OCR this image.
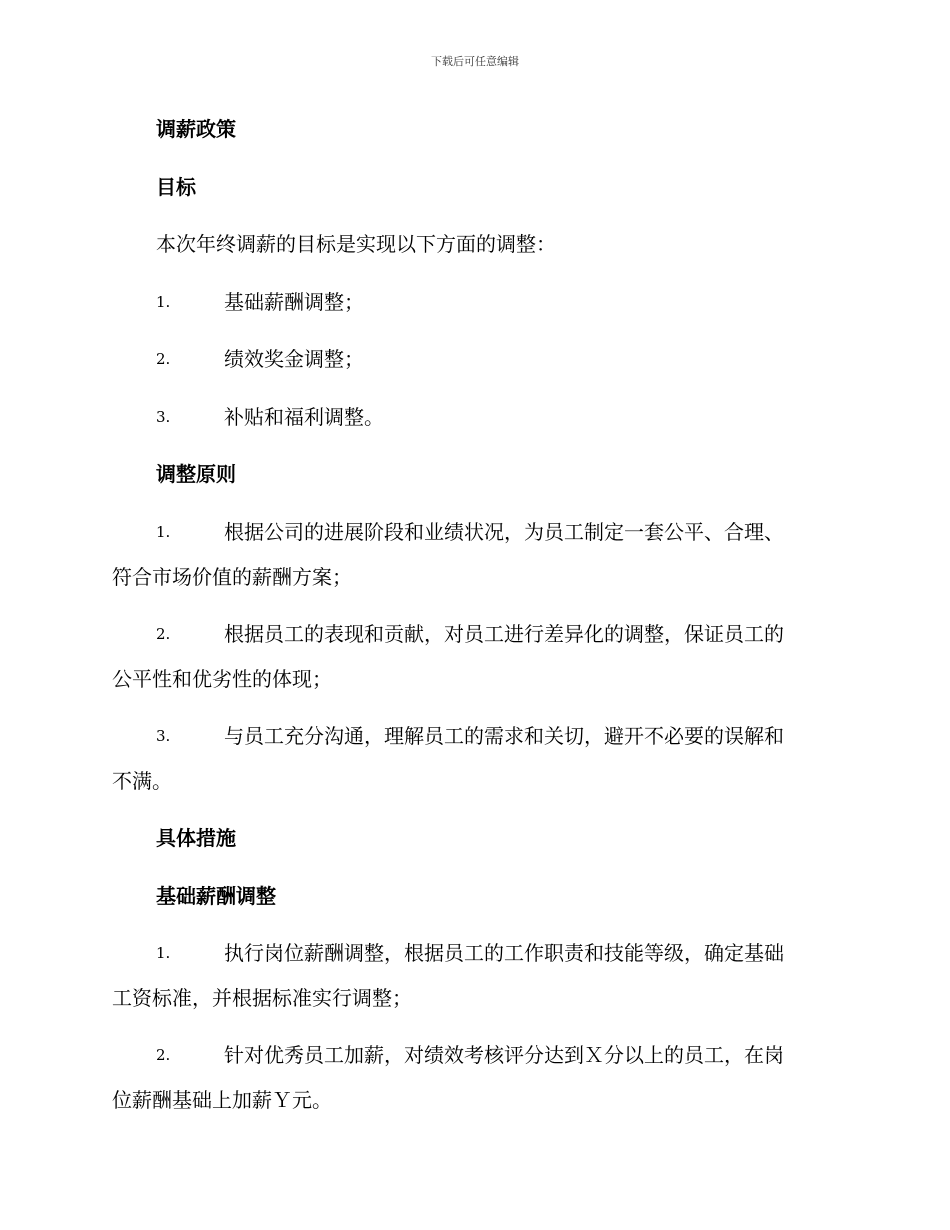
下载后可任意编辑
调薪政策
目标
本次年终调薪的目标是实现以下方面的调整：
1.	基础薪酬调整；
2.	绩效奖金调整；
3.	补贴和福利调整。
调整原则
1.	根据公司的进展阶段和业绩状况，为员工制定一套公平、合理、
符合市场价值的薪酬方案；
2.	根据员工的表现和贡献，对员工进行差异化的调整，保证员工的
公平性和优劣性的体现；
3.	与员工充分沟通，理解员工的需求和关切，避开不必要的误解和
不满。
具体措施
基础薪酬调整
1.	执行岗位薪酬调整，根据员工的工作职责和技能等级，确定基础
工资标准，并根据标准实行调整；
2.	针对优秀员工加薪，对绩效考核评分达到Ｘ分以上的员工，在岗
位薪酬基础上加薪Ｙ元。
